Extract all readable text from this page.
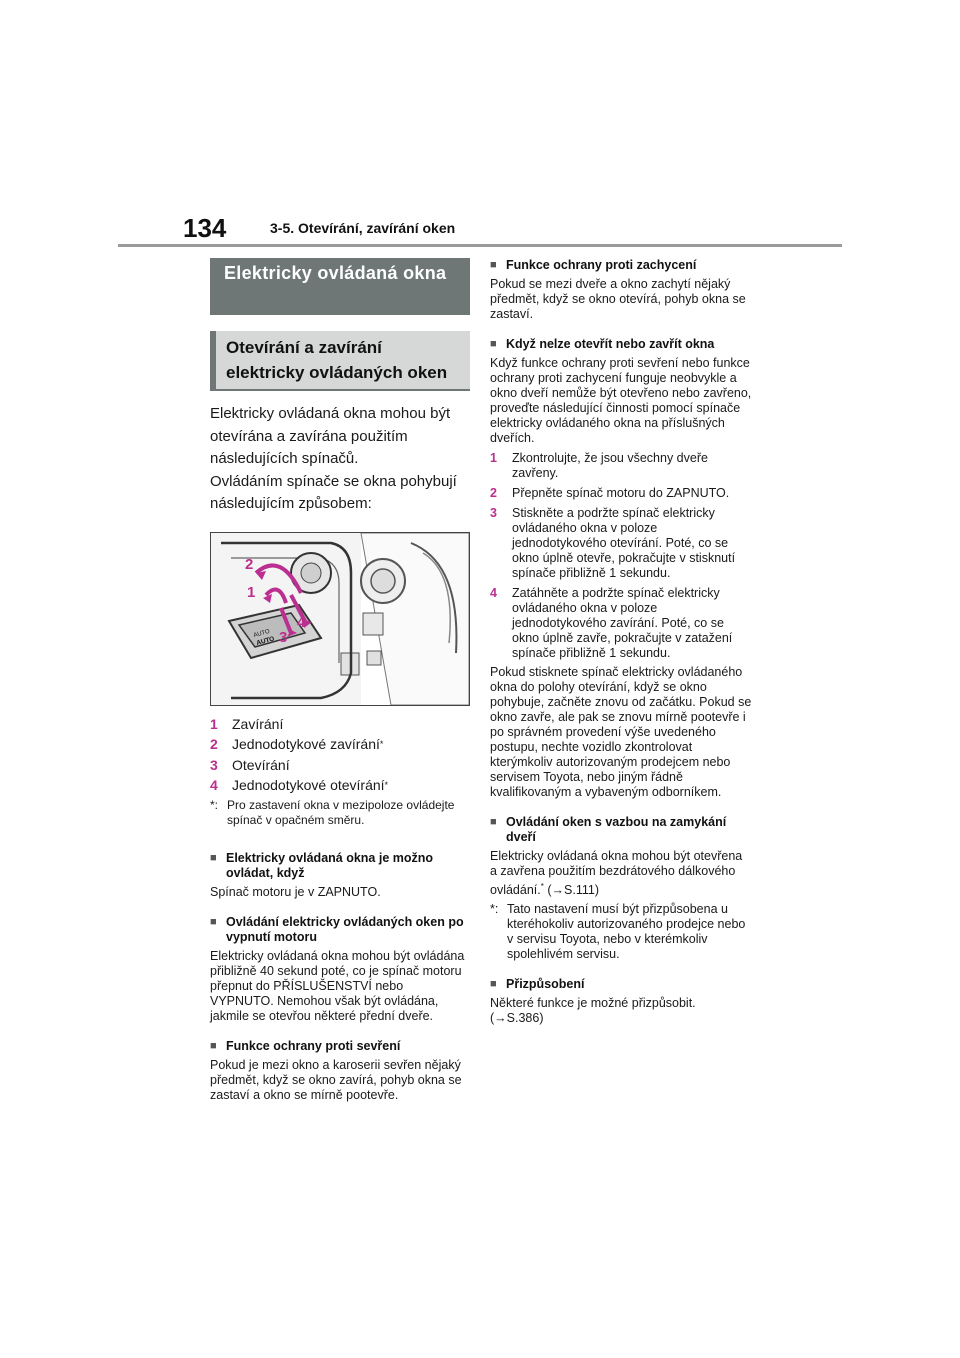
134	3-5. Otevírání, zavírání oken
Elektricky ovládaná okna
Otevírání a zavírání elektricky ovládaných oken
Elektricky ovládaná okna mohou být otevírána a zavírána použitím následujících spínačů.
Ovládáním spínače se okna pohybují následujícím způsobem:
AUTO
AUTO
2
1
3
4
1	Zavírání
2	Jednodotykové zavírání *
3	Otevírání
4	Jednodotykové otevírání *
*: Pro zastavení okna v mezipoloze ovládejte spínač v opačném směru.
■ Elektricky ovládaná okna je možno ovládat, když
Spínač motoru je v ZAPNUTO.
■ Ovládání elektricky ovládaných oken po vypnutí motoru
Elektricky ovládaná okna mohou být ovládána přibližně 40 sekund poté, co je spínač motoru přepnut do PŘÍSLUŠENSTVÍ nebo VYPNUTO. Nemohou však být ovládána, jakmile se otevřou některé přední dveře.
■ Funkce ochrany proti sevření
Pokud je mezi okno a karoserii sevřen nějaký předmět, když se okno zavírá, pohyb okna se zastaví a okno se mírně pootevře.
■ Funkce ochrany proti zachycení
Pokud se mezi dveře a okno zachytí nějaký předmět, když se okno otevírá, pohyb okna se zastaví.
■ Když nelze otevřít nebo zavřít okna
Když funkce ochrany proti sevření nebo funkce ochrany proti zachycení funguje neobvykle a okno dveří nemůže být otevřeno nebo zavřeno, proveďte následující činnosti pomocí spínače elektricky ovládaného okna na příslušných dveřích.
1	Zkontrolujte, že jsou všechny dveře zavřeny.
2	Přepněte spínač motoru do ZAPNUTO.
3	Stiskněte a podržte spínač elektricky ovládaného okna v poloze jednodotykového otevírání. Poté, co se okno úplně otevře, pokračujte v stisknutí spínače přibližně 1 sekundu.
4	Zatáhněte a podržte spínač elektricky ovládaného okna v poloze jednodotykového zavírání. Poté, co se okno úplně zavře, pokračujte v zatažení spínače přibližně 1 sekundu.
Pokud stisknete spínač elektricky ovládaného okna do polohy otevírání, když se okno pohybuje, začněte znovu od začátku. Pokud se okno zavře, ale pak se znovu mírně pootevře i po správném provedení výše uvedeného postupu, nechte vozidlo zkontrolovat kterýmkoliv autorizovaným prodejcem nebo servisem Toyota, nebo jiným řádně kvalifikovaným a vybaveným odborníkem.
■ Ovládání oken s vazbou na zamykání dveří
Elektricky ovládaná okna mohou být otevřena a zavřena použitím bezdrátového dálkového ovládání.* (→S.111)
*: Tato nastavení musí být přizpůsobena u kteréhokoliv autorizovaného prodejce nebo v servisu Toyota, nebo v kterémkoliv spolehlivém servisu.
■ Přizpůsobení
Některé funkce je možné přizpůsobit. (→S.386)
